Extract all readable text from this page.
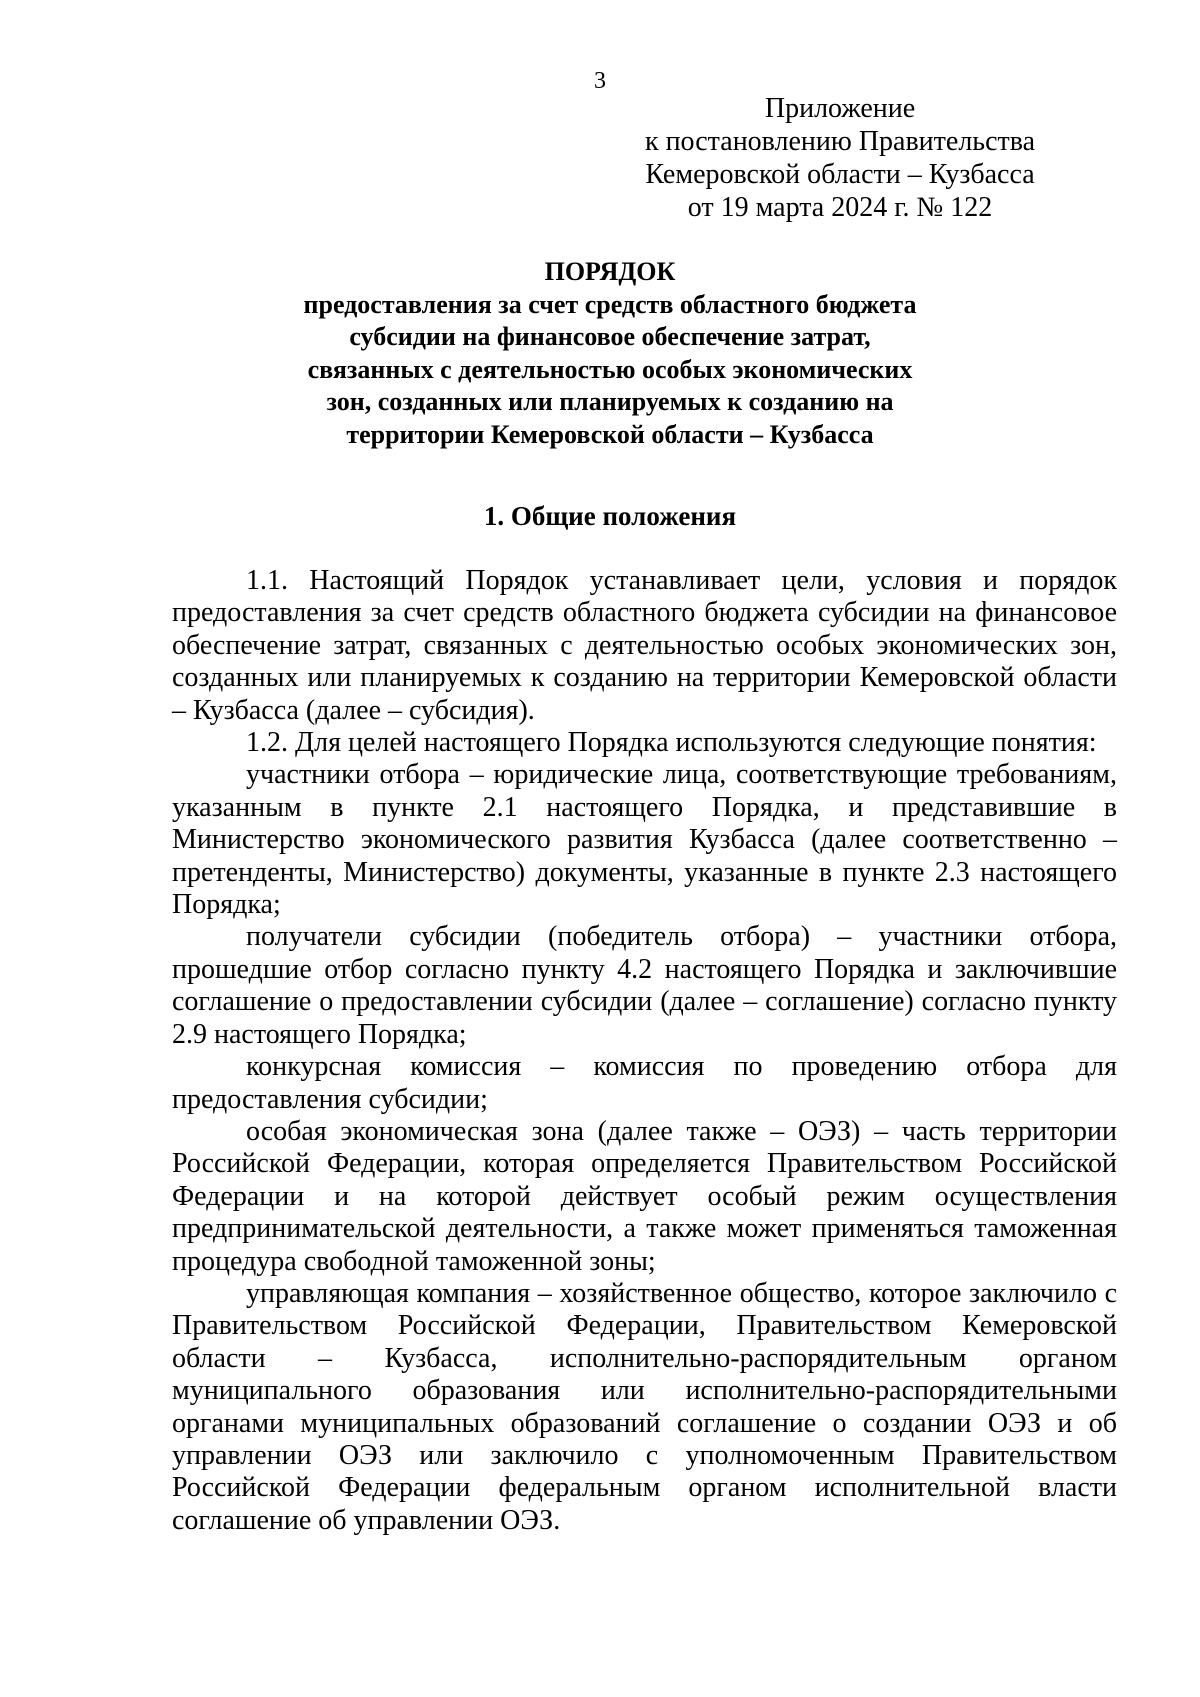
3
Приложение
к постановлению Правительства
Кемеровской области – Кузбасса
от 19 марта 2024 г. № 122
ПОРЯДОК
предоставления за счет средств областного бюджета
субсидии на финансовое обеспечение затрат,
связанных с деятельностью особых экономических
зон, созданных или планируемых к созданию на
территории Кемеровской области – Кузбасса
1. Общие положения

1.1. Настоящий Порядок устанавливает цели, условия и порядок предоставления за счет средств областного бюджета субсидии на финансовое обеспечение затрат, связанных с деятельностью особых экономических зон, созданных или планируемых к созданию на территории Кемеровской области – Кузбасса (далее – субсидия).

1.2. Для целей настоящего Порядка используются следующие понятия:

участники отбора – юридические лица, соответствующие требованиям, указанным в пункте 2.1 настоящего Порядка, и представившие в Министерство экономического развития Кузбасса (далее соответственно – претенденты, Министерство) документы, указанные в пункте 2.3 настоящего Порядка;

получатели субсидии (победитель отбора) – участники отбора, прошедшие отбор согласно пункту 4.2 настоящего Порядка и заключившие соглашение о предоставлении субсидии (далее – соглашение) согласно пункту 2.9 настоящего Порядка;

конкурсная комиссия – комиссия по проведению отбора для предоставления субсидии;

особая экономическая зона (далее также – ОЭЗ) – часть территории Российской Федерации, которая определяется Правительством Российской Федерации и на которой действует особый режим осуществления предпринимательской деятельности, а также может применяться таможенная процедура свободной таможенной зоны;

управляющая компания – хозяйственное общество, которое заключило с Правительством Российской Федерации, Правительством Кемеровской области – Кузбасса, исполнительно-распорядительным органом муниципального образования или исполнительно-распорядительными органами муниципальных образований соглашение о создании ОЭЗ и об управлении ОЭЗ или заключило с уполномоченным Правительством Российской Федерации федеральным органом исполнительной власти соглашение об управлении ОЭЗ.
